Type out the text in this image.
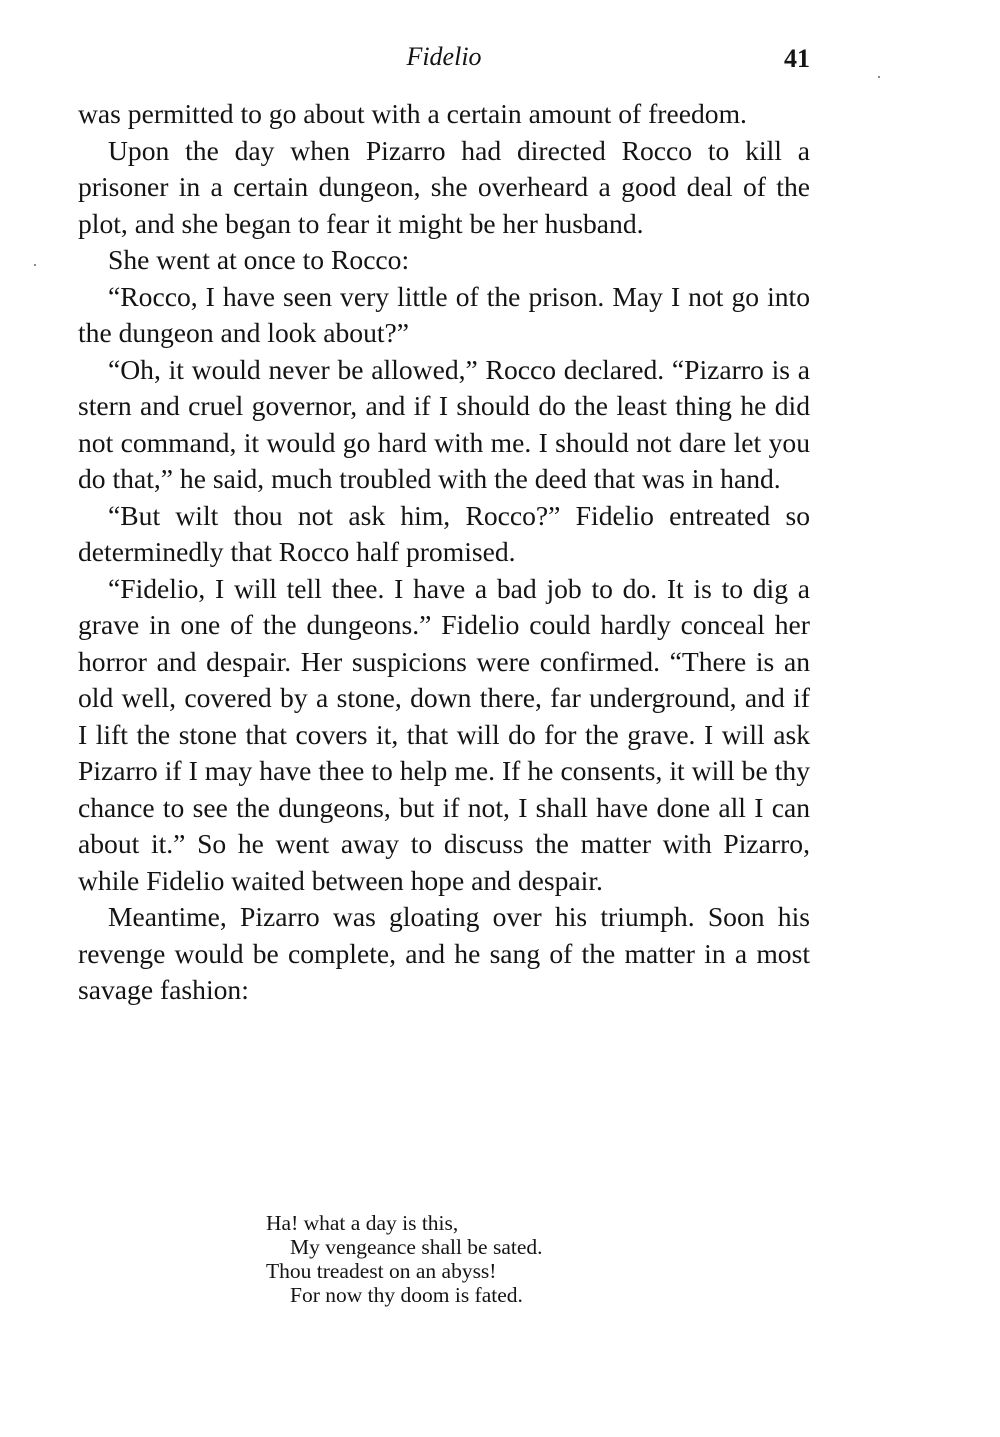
Fidelio	41

was permitted to go about with a certain amount of freedom.

Upon the day when Pizarro had directed Rocco to kill a prisoner in a certain dungeon, she overheard a good deal of the plot, and she began to fear it might be her husband.

She went at once to Rocco:

“Rocco, I have seen very little of the prison. May I not go into the dungeon and look about?”

“Oh, it would never be allowed,” Rocco declared. “Pizarro is a stern and cruel governor, and if I should do the least thing he did not command, it would go hard with me. I should not dare let you do that,” he said, much troubled with the deed that was in hand.

“But wilt thou not ask him, Rocco?” Fidelio entreated so determinedly that Rocco half promised.

“Fidelio, I will tell thee. I have a bad job to do. It is to dig a grave in one of the dungeons.” Fidelio could hardly conceal her horror and despair. Her suspicions were confirmed. “There is an old well, covered by a stone, down there, far underground, and if I lift the stone that covers it, that will do for the grave. I will ask Pizarro if I may have thee to help me. If he consents, it will be thy chance to see the dungeons, but if not, I shall have done all I can about it.” So he went away to discuss the matter with Pizarro, while Fidelio waited between hope and despair.

Meantime, Pizarro was gloating over his triumph. Soon his revenge would be complete, and he sang of the matter in a most savage fashion:

Ha! what a day is this,
My vengeance shall be sated.
Thou treadest on an abyss!
For now thy doom is fated.
